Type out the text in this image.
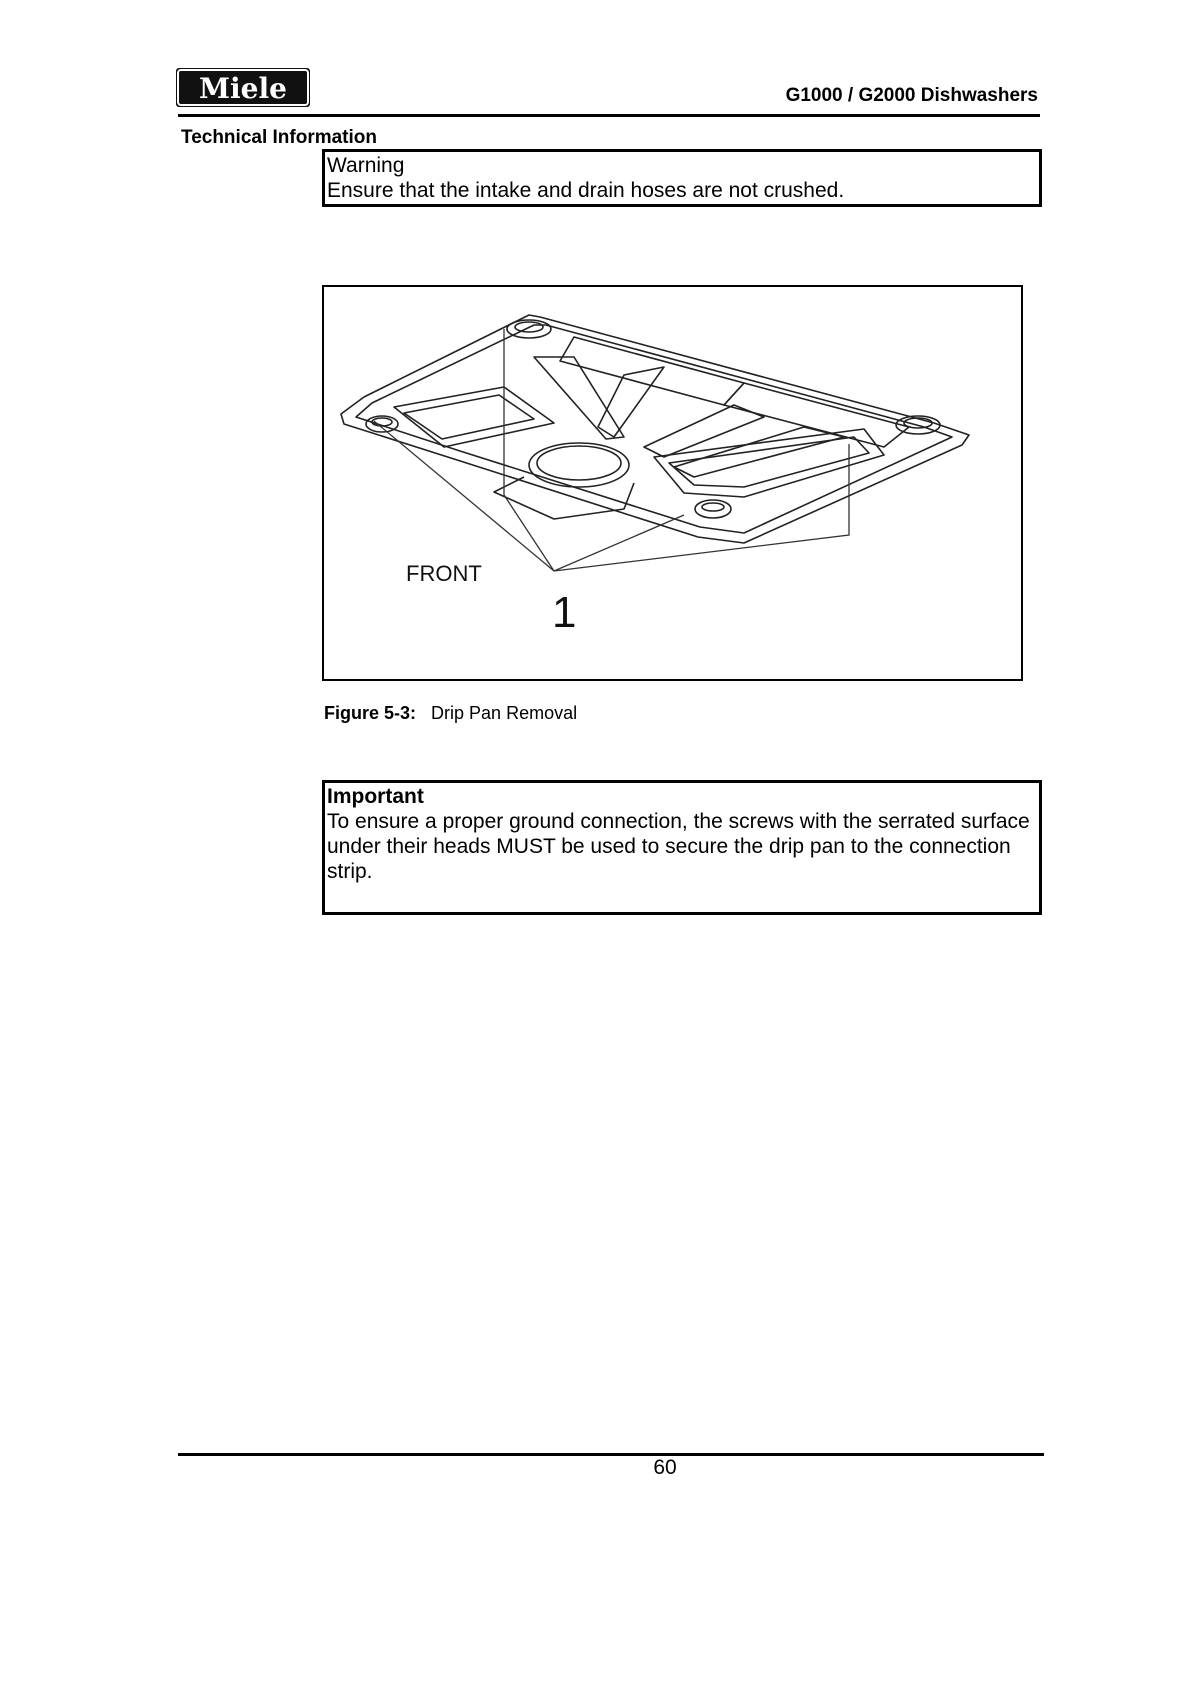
Miele	G1000 / G2000 Dishwashers
Technical Information
Warning
Ensure that the intake and drain hoses are not crushed.
FRONT
1
Figure 5-3: Drip Pan Removal
Important
To ensure a proper ground connection, the screws with the serrated surface under their heads MUST be used to secure the drip pan to the connection strip.
60
